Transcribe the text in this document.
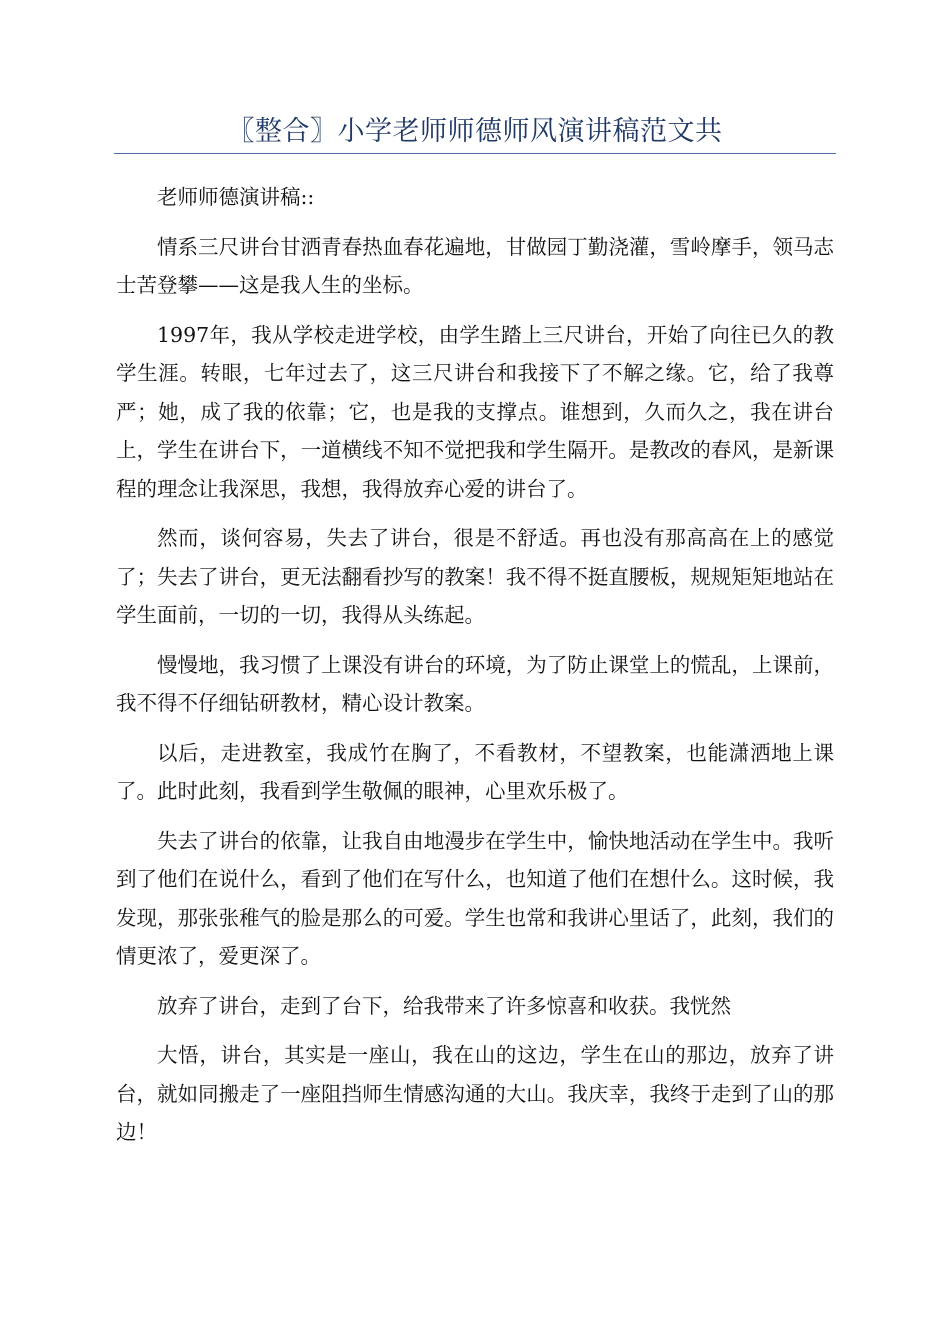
〖整合〗小学老师师德师风演讲稿范文共

老师师德演讲稿::

情系三尺讲台甘洒青春热血春花遍地，甘做园丁勤浇灌，雪岭摩手，领马志士苦登攀——这是我人生的坐标。

1997年，我从学校走进学校，由学生踏上三尺讲台，开始了向往已久的教学生涯。转眼，七年过去了，这三尺讲台和我接下了不解之缘。它，给了我尊严；她，成了我的依靠；它，也是我的支撑点。谁想到，久而久之，我在讲台上，学生在讲台下，一道横线不知不觉把我和学生隔开。是教改的春风，是新课程的理念让我深思，我想，我得放弃心爱的讲台了。

然而，谈何容易，失去了讲台，很是不舒适。再也没有那高高在上的感觉了；失去了讲台，更无法翻看抄写的教案！我不得不挺直腰板，规规矩矩地站在学生面前，一切的一切，我得从头练起。

慢慢地，我习惯了上课没有讲台的环境，为了防止课堂上的慌乱，上课前，我不得不仔细钻研教材，精心设计教案。

以后，走进教室，我成竹在胸了，不看教材，不望教案，也能潇洒地上课了。此时此刻，我看到学生敬佩的眼神，心里欢乐极了。

失去了讲台的依靠，让我自由地漫步在学生中，愉快地活动在学生中。我听到了他们在说什么，看到了他们在写什么，也知道了他们在想什么。这时候，我发现，那张张稚气的脸是那么的可爱。学生也常和我讲心里话了，此刻，我们的情更浓了，爱更深了。

放弃了讲台，走到了台下，给我带来了许多惊喜和收获。我恍然

大悟，讲台，其实是一座山，我在山的这边，学生在山的那边，放弃了讲台，就如同搬走了一座阻挡师生情感沟通的大山。我庆幸，我终于走到了山的那边！
